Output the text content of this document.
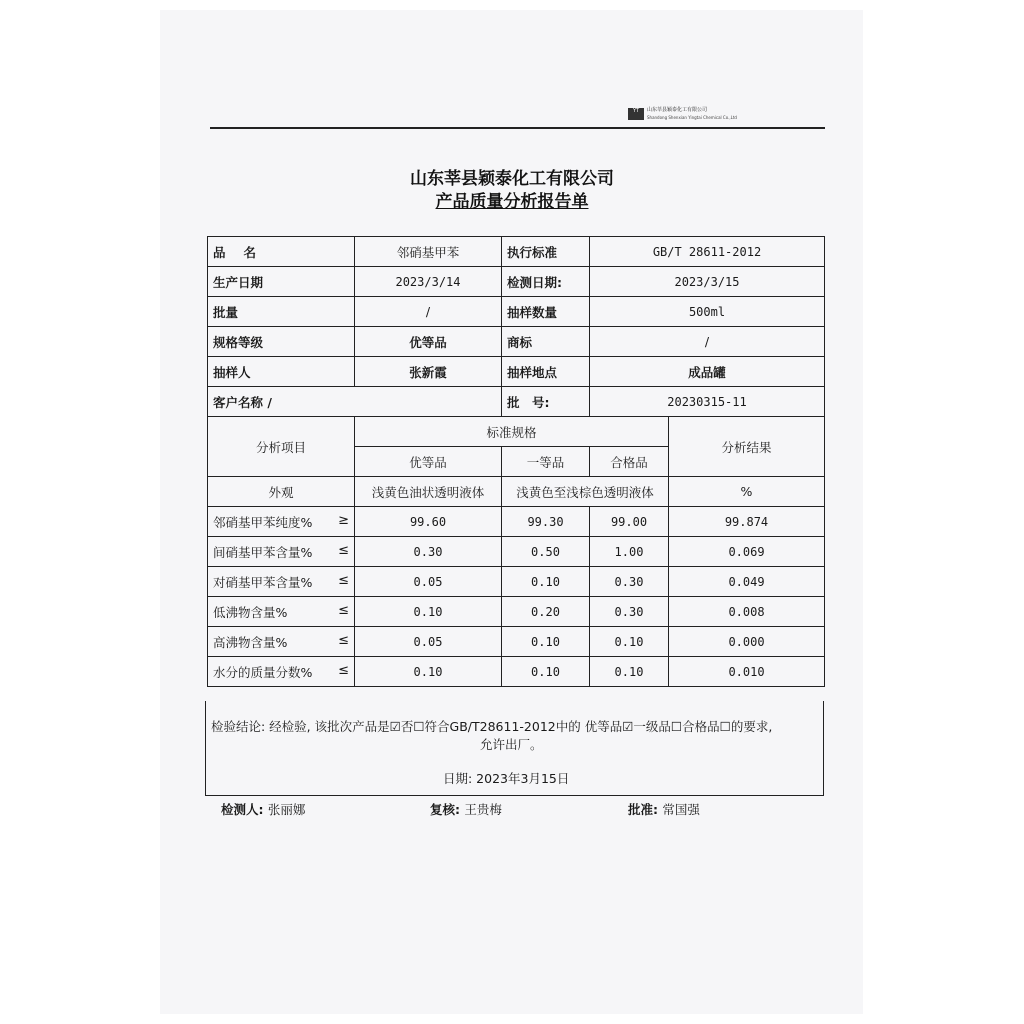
YT	山东莘县颖泰化工有限公司
Shandong Shenxian Yingtai Chemical Co.,Ltd
山东莘县颖泰化工有限公司
产品质量分析报告单
品名	邻硝基甲苯	执行标准	GB/T 28611-2012	
生产日期	2023/3/14	检测日期:	2023/3/15	
批量	/	抽样数量	500ml	
规格等级	优等品	商标	/	
抽样人	张新霞	抽样地点	成品罐	
客户名称 /		批　号:	20230315-11	
分析项目	标准规格			分析结果
	优等品	一等品	合格品	
外观	浅黄色油状透明液体	浅黄色至浅棕色透明液体		%
邻硝基甲苯纯度% ≥	99.60	99.30	99.00	99.874
间硝基甲苯含量% ≤	0.30	0.50	1.00	0.069
对硝基甲苯含量% ≤	0.05	0.10	0.30	0.049
低沸物含量% ≤	0.10	0.20	0.30	0.008
高沸物含量% ≤	0.05	0.10	0.10	0.000
水分的质量分数% ≤	0.10	0.10	0.10	0.010
检验结论: 经检验, 该批次产品是☑否☐符合GB/T28611-2012中的 优等品☑一级品☐合格品☐的要求,
允许出厂。
日期: 2023年3月15日
检测人: 张丽娜	复核: 王贵梅	批准: 常国强
